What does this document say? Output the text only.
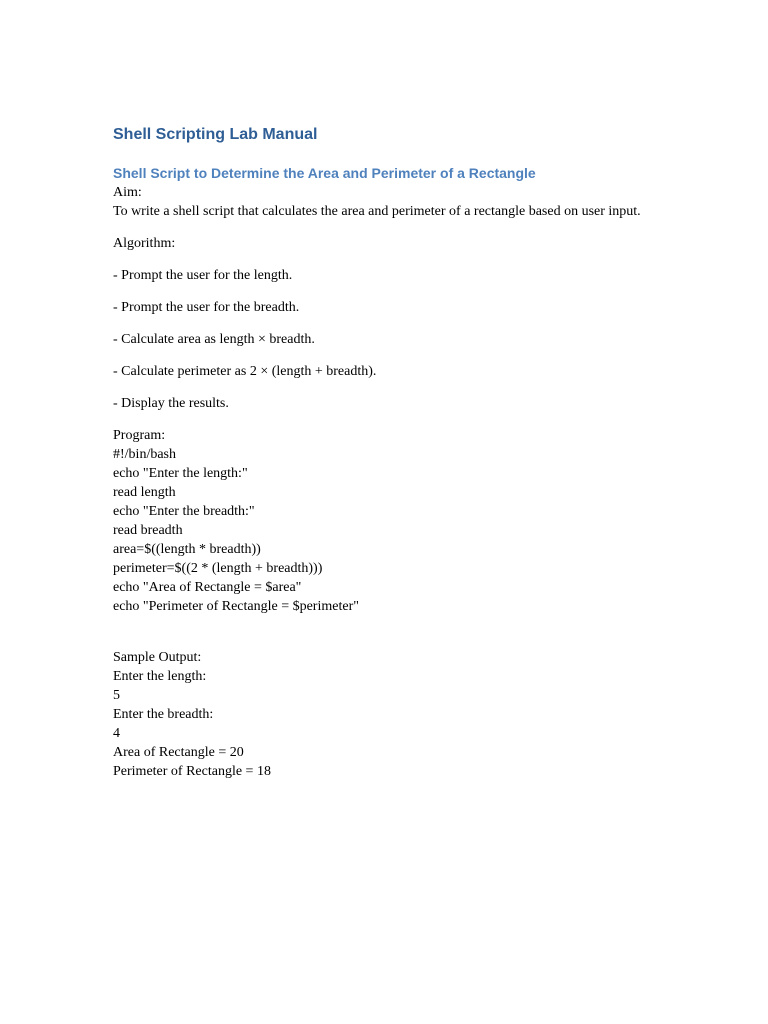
Shell Scripting Lab Manual
Shell Script to Determine the Area and Perimeter of a Rectangle

Aim:

To write a shell script that calculates the area and perimeter of a rectangle based on user input.

Algorithm:

- Prompt the user for the length.

- Prompt the user for the breadth.

- Calculate area as length × breadth.

- Calculate perimeter as 2 × (length + breadth).

- Display the results.

Program:

#!/bin/bash

echo "Enter the length:"

read length

echo "Enter the breadth:"

read breadth

area=$((length * breadth))

perimeter=$((2 * (length + breadth)))

echo "Area of Rectangle = $area"

echo "Perimeter of Rectangle = $perimeter"

Sample Output:

Enter the length:

5

Enter the breadth:

4

Area of Rectangle = 20

Perimeter of Rectangle = 18
